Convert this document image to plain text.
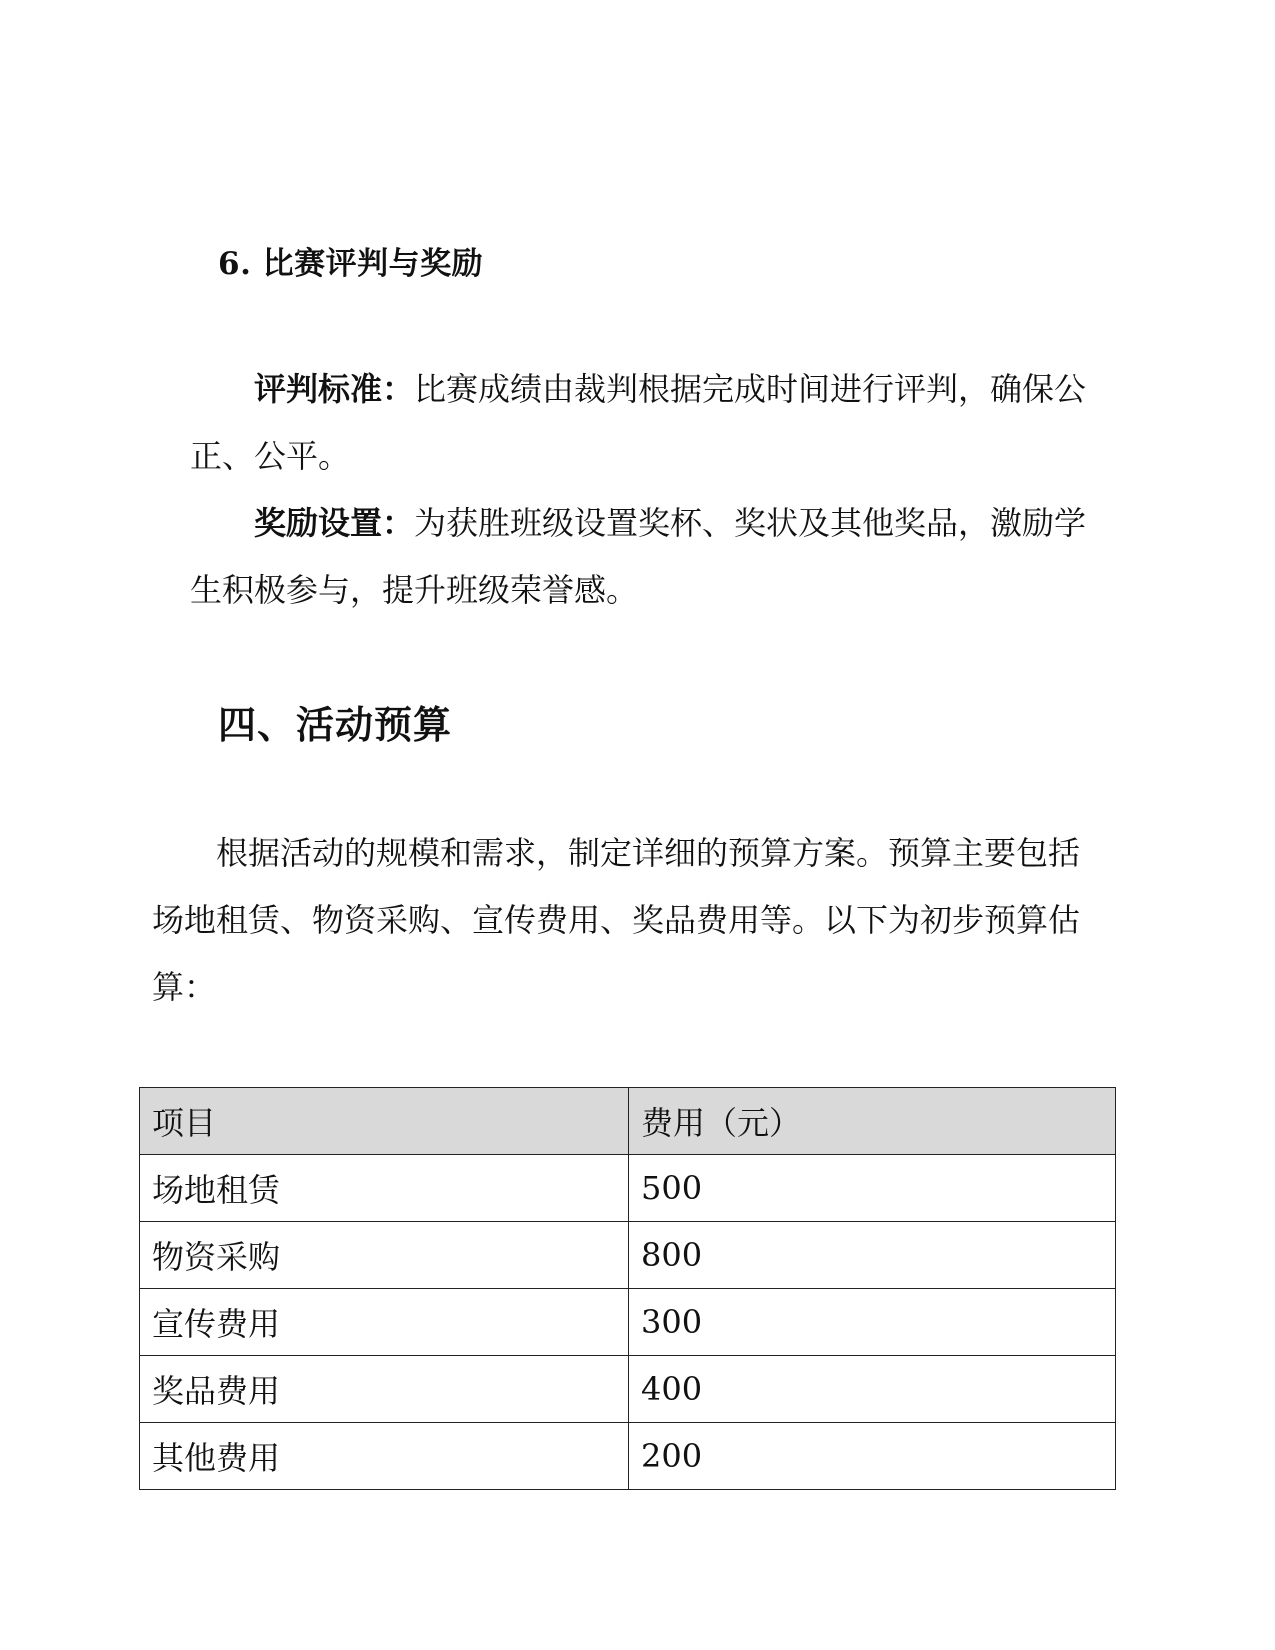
6. 比赛评判与奖励
评判标准：比赛成绩由裁判根据完成时间进行评判，确保公
正、公平。
奖励设置：为获胜班级设置奖杯、奖状及其他奖品，激励学
生积极参与，提升班级荣誉感。
四、活动预算
根据活动的规模和需求，制定详细的预算方案。预算主要包括
场地租赁、物资采购、宣传费用、奖品费用等。以下为初步预算估
算：
项目	费用（元）
场地租赁	500
物资采购	800
宣传费用	300
奖品费用	400
其他费用	200
